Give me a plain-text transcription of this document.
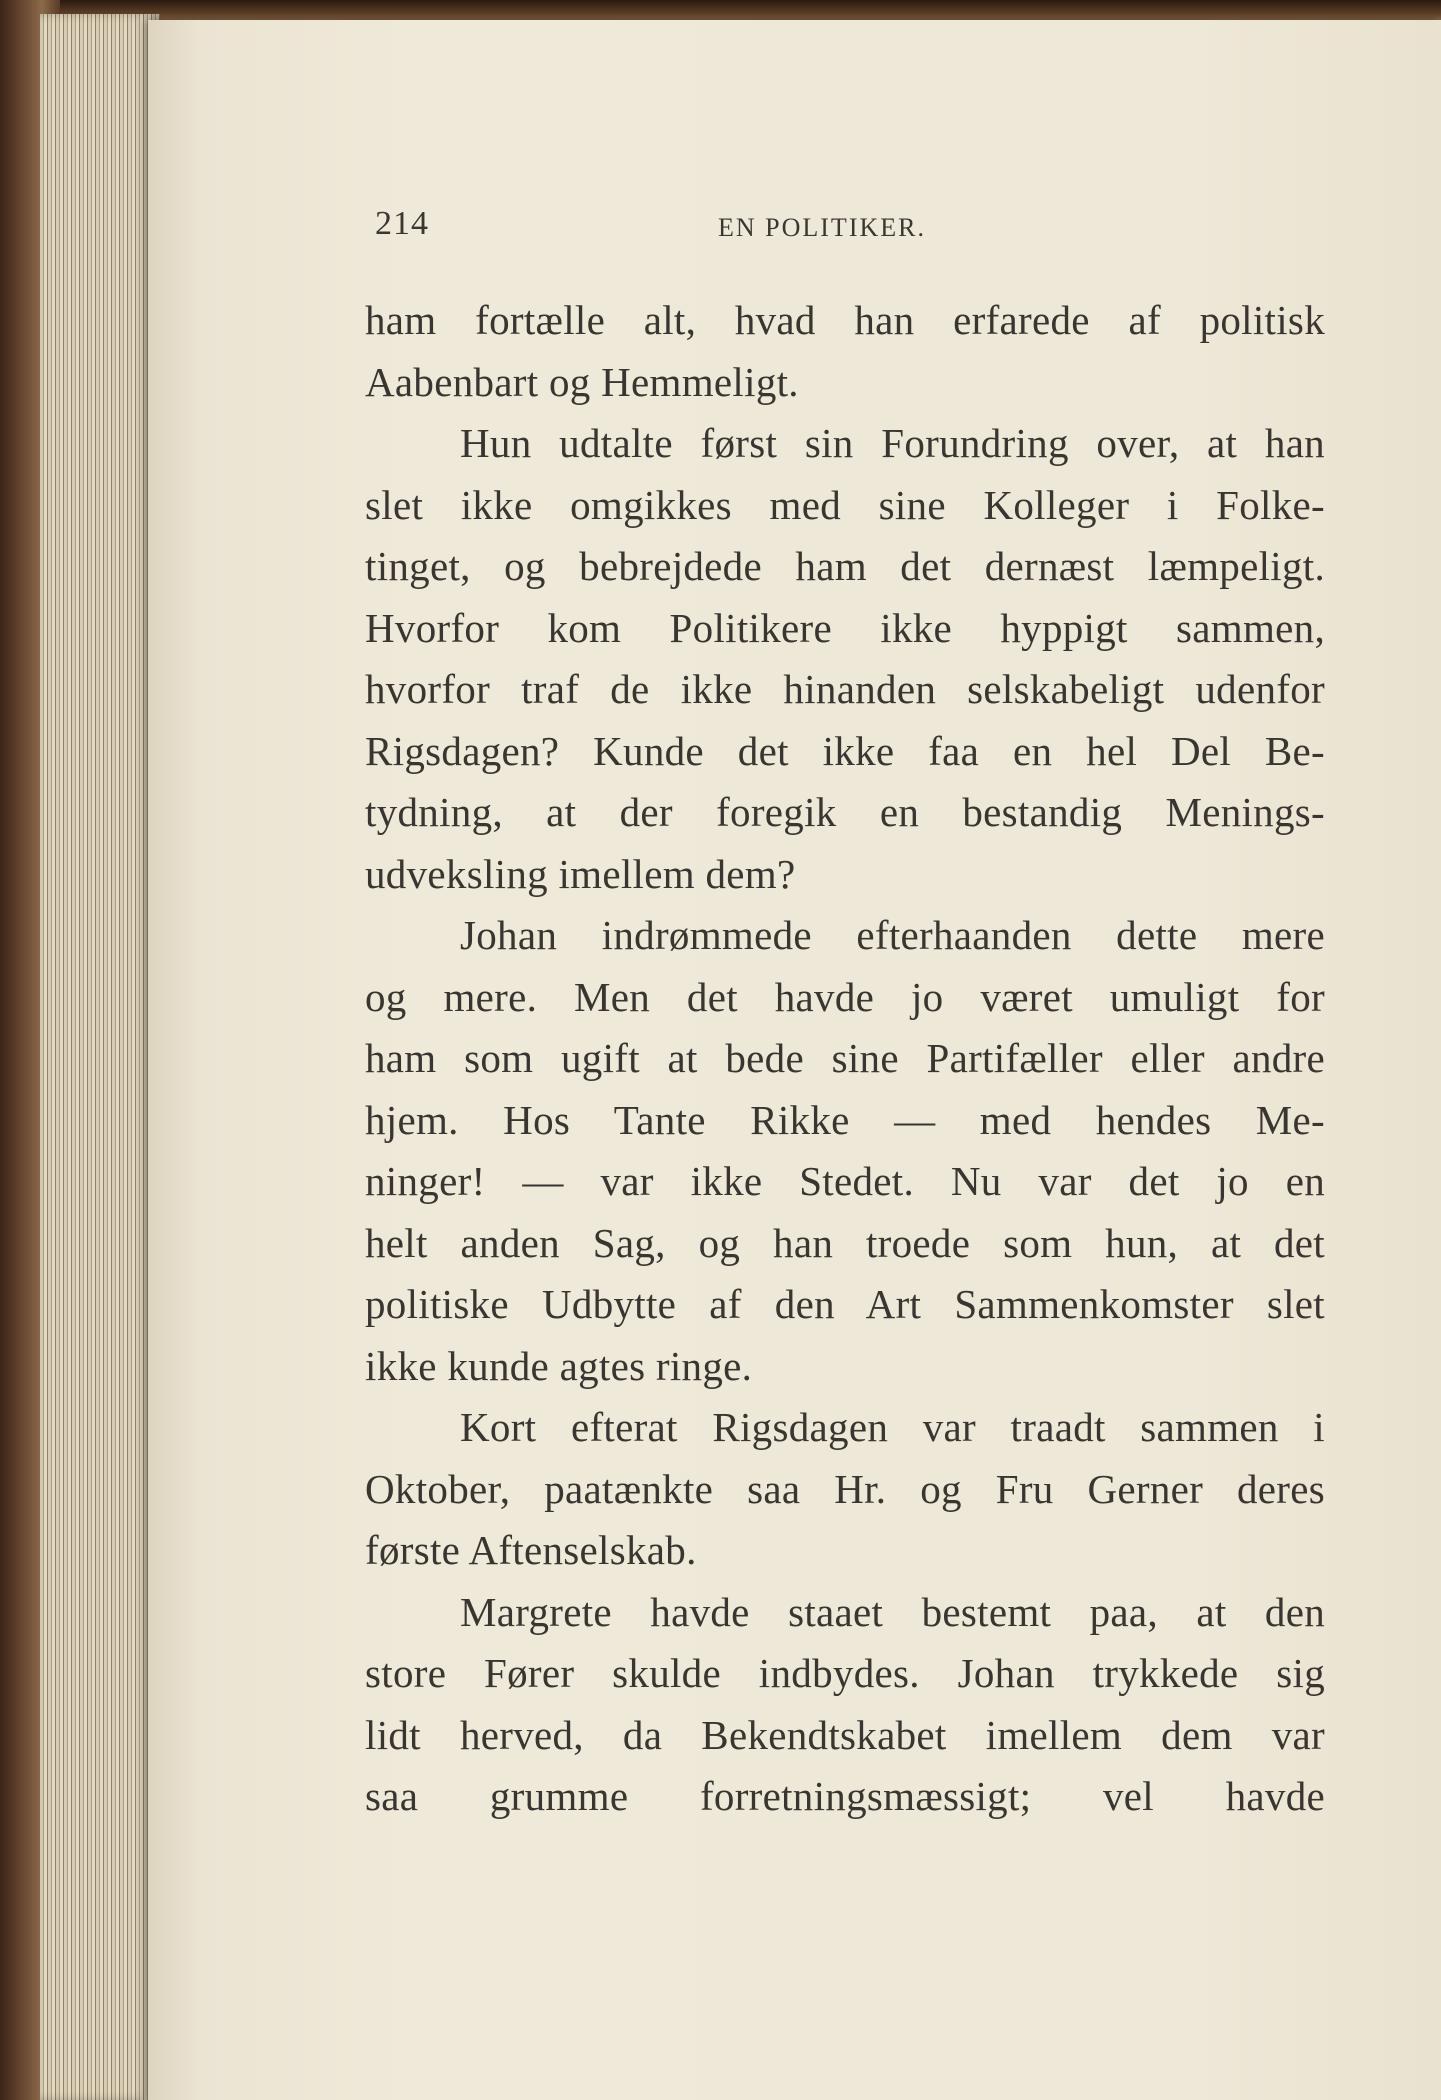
214	EN POLITIKER.
ham fortælle alt, hvad han erfarede af politisk
Aabenbart og Hemmeligt.
Hun udtalte først sin Forundring over, at han
slet ikke omgikkes med sine Kolleger i Folke-
tinget, og bebrejdede ham det dernæst læmpeligt.
Hvorfor kom Politikere ikke hyppigt sammen,
hvorfor traf de ikke hinanden selskabeligt udenfor
Rigsdagen? Kunde det ikke faa en hel Del Be-
tydning, at der foregik en bestandig Menings-
udveksling imellem dem?
Johan indrømmede efterhaanden dette mere
og mere. Men det havde jo været umuligt for
ham som ugift at bede sine Partifæller eller andre
hjem. Hos Tante Rikke — med hendes Me-
ninger! — var ikke Stedet. Nu var det jo en
helt anden Sag, og han troede som hun, at det
politiske Udbytte af den Art Sammenkomster slet
ikke kunde agtes ringe.
Kort efterat Rigsdagen var traadt sammen i
Oktober, paatænkte saa Hr. og Fru Gerner deres
første Aftenselskab.
Margrete havde staaet bestemt paa, at den
store Fører skulde indbydes. Johan trykkede sig
lidt herved, da Bekendtskabet imellem dem var
saa grumme forretningsmæssigt; vel havde
